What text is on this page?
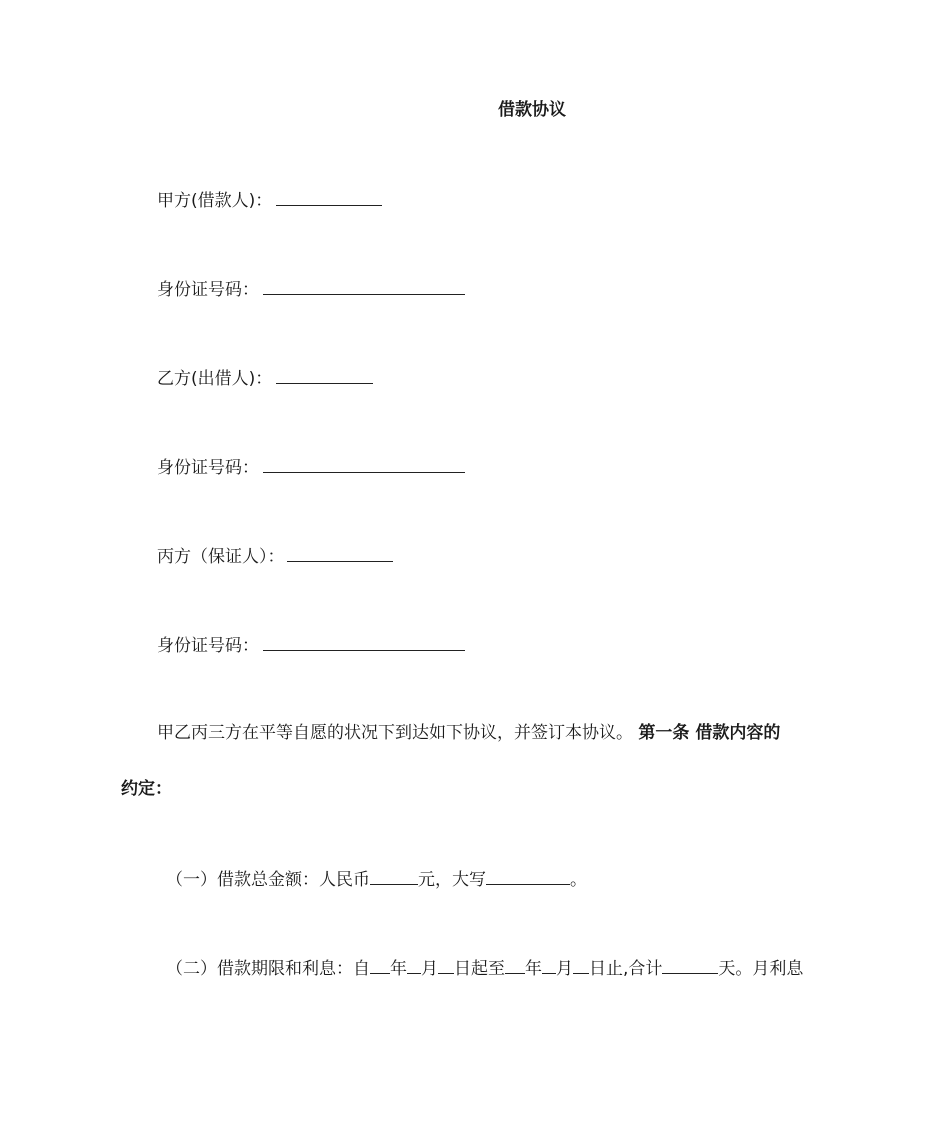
借款协议
甲方(借款人)：
身份证号码：
乙方(出借人)：
身份证号码：
丙方（保证人）：
身份证号码：
甲乙丙三方在平等自愿的状况下到达如下协议，并签订本协议。 第一条 借款内容的
约定：
（一）借款总金额：人民币	元，大写	。
（二）借款期限和利息：自 年 月 日起至 年 月 日止,合计	天。月利息
